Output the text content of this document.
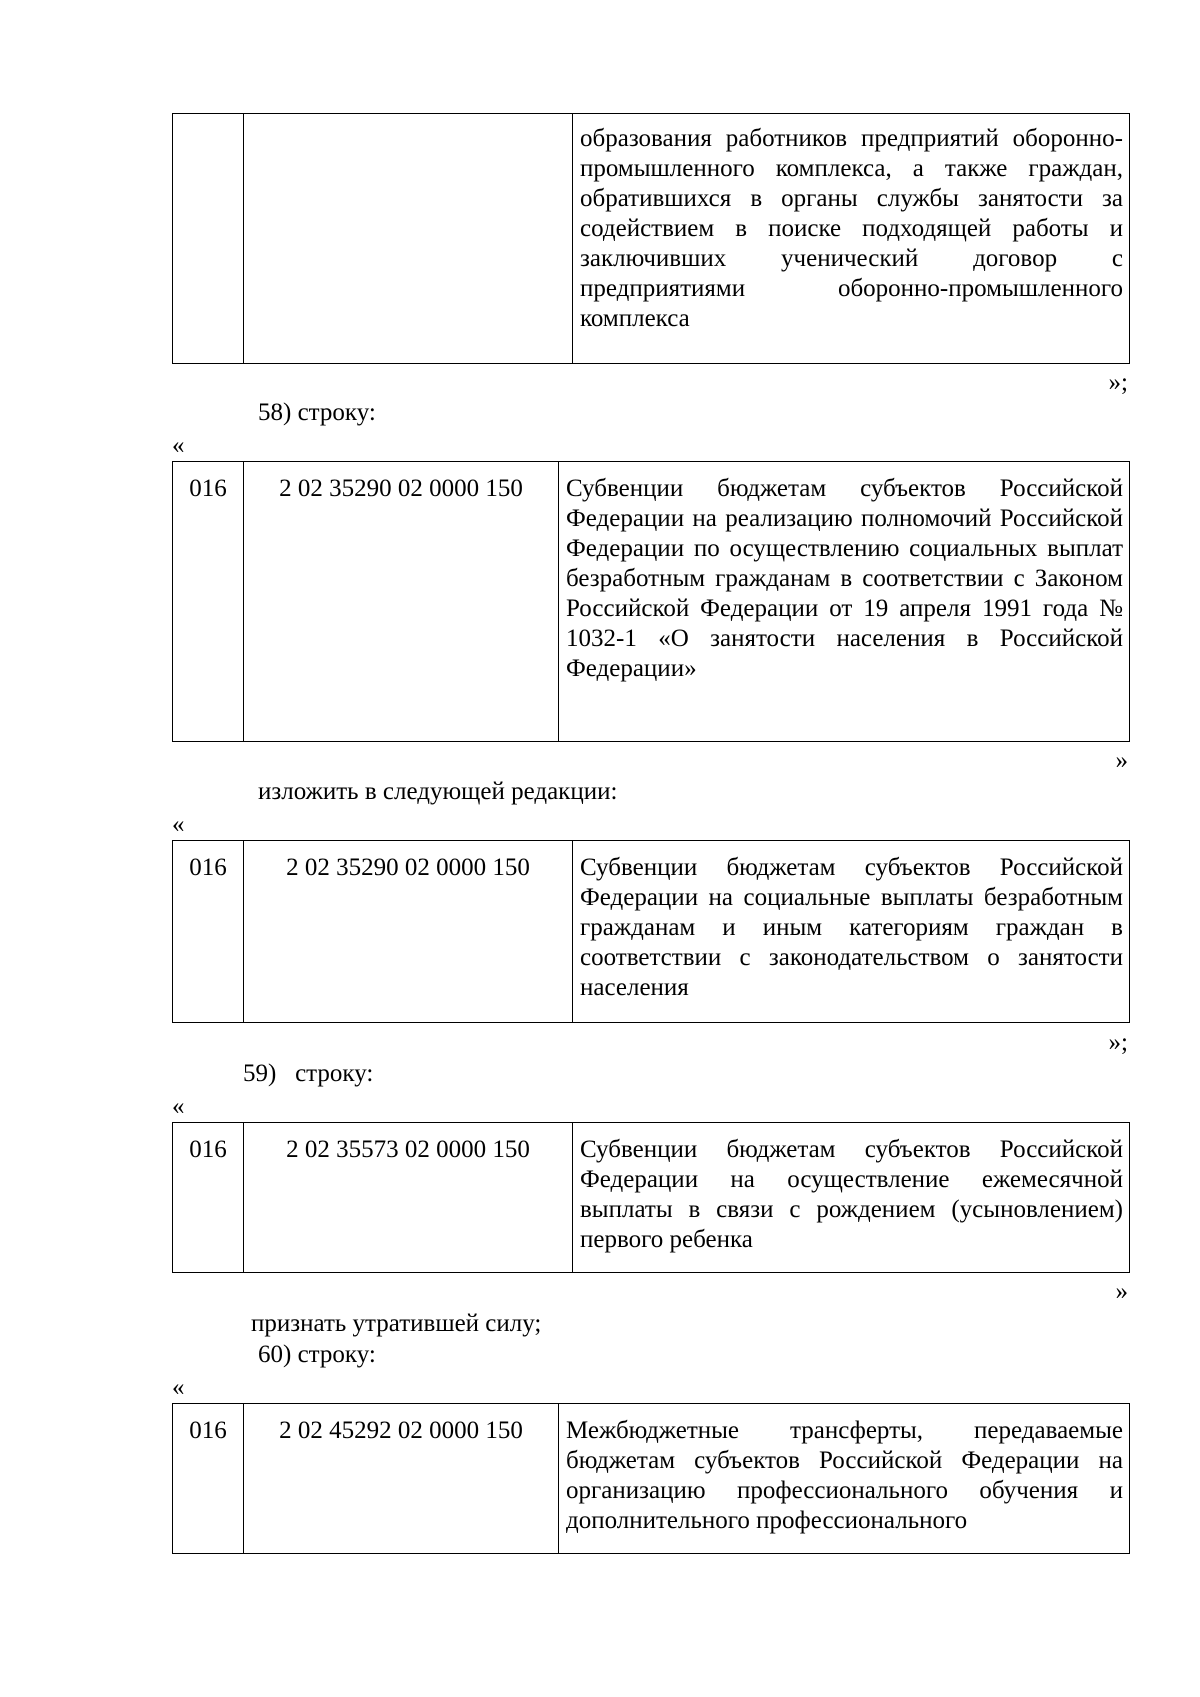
		образования работников предприятий оборонно-промышленного комплекса, а также граждан, обратившихся в органы службы занятости за содействием в поиске подходящей работы и заключивших ученический договор с предприятиями оборонно-промышленного комплекса
»;
58) строку:
«
016	2 02 35290 02 0000 150	Субвенции бюджетам субъектов Российской Федерации на реализацию полномочий Российской Федерации по осуществлению социальных выплат безработным гражданам в соответствии с Законом Российской Федерации от 19 апреля 1991 года № 1032-1 «О занятости населения в Российской Федерации»
»
изложить в следующей редакции:
«
016	2 02 35290 02 0000 150	Субвенции бюджетам субъектов Российской Федерации на социальные выплаты безработным гражданам и иным категориям граждан в соответствии с законодательством о занятости населения
»;
59)   строку:
«
016	2 02 35573 02 0000 150	Субвенции бюджетам субъектов Российской Федерации на осуществление ежемесячной выплаты в связи с рождением (усыновлением) первого ребенка
»
признать утратившей силу;
60) строку:
«
016	2 02 45292 02 0000 150	Межбюджетные трансферты, передаваемые бюджетам субъектов Российской Федерации на организацию профессионального обучения и дополнительного профессионального
